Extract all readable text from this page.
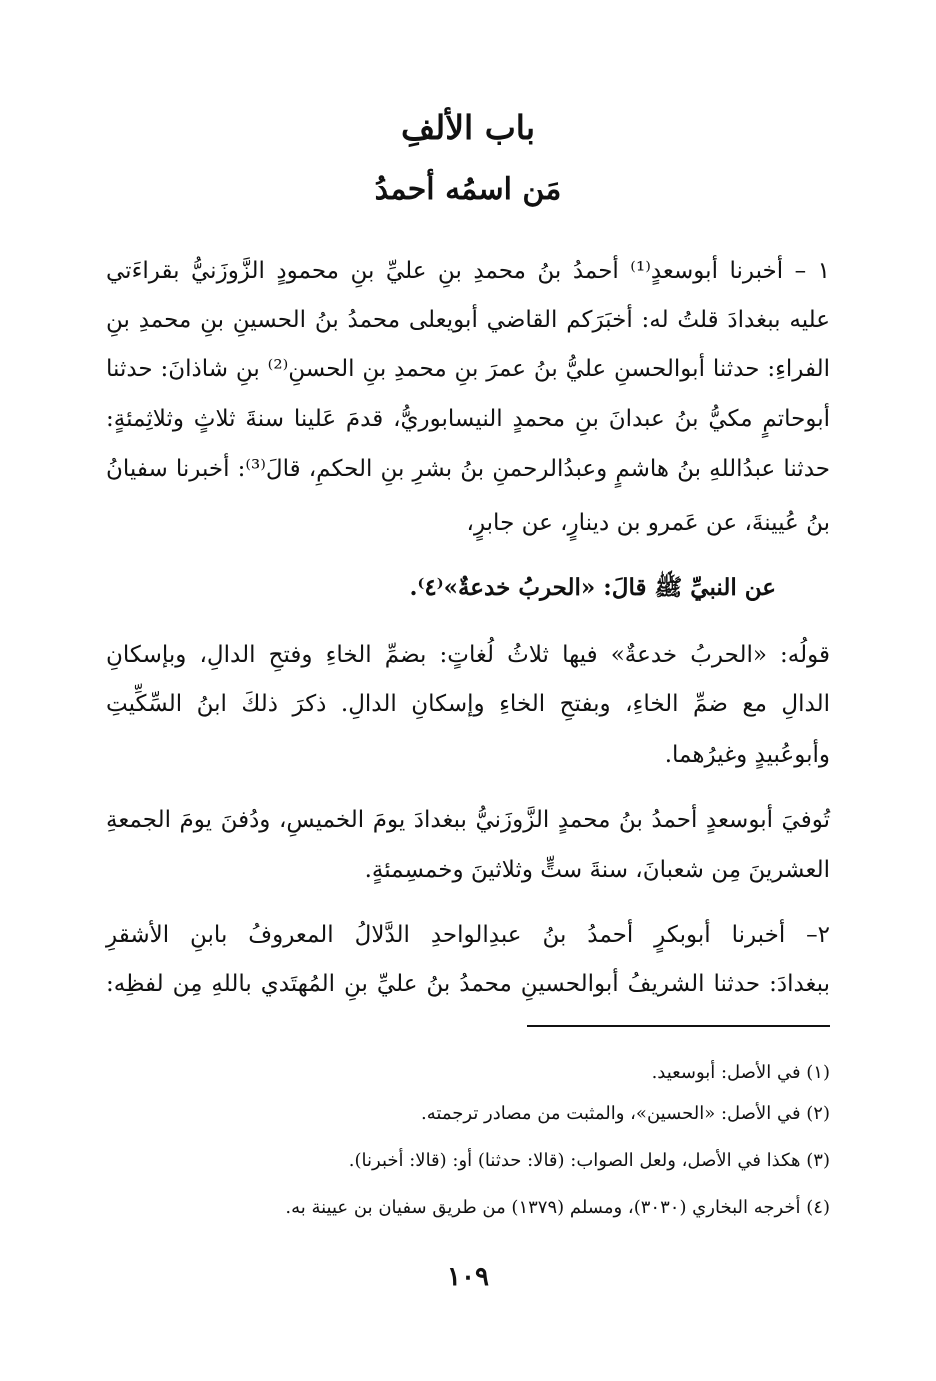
باب الألفِ
مَن اسمُه أحمدُ
١ – أخبرنا أبوسعدٍ⁽¹⁾ أحمدُ بنُ محمدِ بنِ عليِّ بنِ محمودٍ الزَّوزَنيُّ بقراءَتي
عليه ببغدادَ قلتُ له: أخبَرَكم القاضي أبويعلى محمدُ بنُ الحسينِ بنِ محمدِ بنِ
الفراءِ: حدثنا أبوالحسنِ عليُّ بنُ عمرَ بنِ محمدِ بنِ الحسنِ⁽²⁾ بنِ شاذانَ: حدثنا
أبوحاتمٍ مكيُّ بنُ عبدانَ بنِ محمدٍ النيسابوريُّ، قدمَ عَلينا سنةَ ثلاثٍ وثلاثِمئةٍ:
حدثنا عبدُاللهِ بنُ هاشمٍ وعبدُالرحمنِ بنُ بشرِ بنِ الحكمِ، قالَ⁽³⁾: أخبرنا سفيانُ
بنُ عُيينةَ، عن عَمرو بن دينارٍ، عن جابرٍ،
عن النبيِّ ﷺ قالَ: «الحربُ خدعةٌ»⁽٤⁾.
قولُه: «الحربُ خدعةٌ» فيها ثلاثُ لُغاتٍ: بضمِّ الخاءِ وفتحِ الدالِ، وبإسكانِ
الدالِ مع ضمِّ الخاءِ، وبفتحِ الخاءِ وإسكانِ الدالِ. ذكرَ ذلكَ ابنُ السِّكِّيتِ
وأبوعُبيدٍ وغيرُهما.
تُوفيَ أبوسعدٍ أحمدُ بنُ محمدٍ الزَّوزَنيُّ ببغدادَ يومَ الخميسِ، ودُفنَ يومَ الجمعةِ
العشرينَ مِن شعبانَ، سنةَ ستٍّ وثلاثينَ وخمسِمئةٍ.
٢– أخبرنا أبوبكرٍ أحمدُ بنُ عبدِالواحدِ الدَّلالُ المعروفُ بابنِ الأشقرِ
ببغدادَ: حدثنا الشريفُ أبوالحسينِ محمدُ بنُ عليِّ بنِ المُهتَدي باللهِ مِن لفظِه:
(١) في الأصل: أبوسعيد.
(٢) في الأصل: «الحسين»، والمثبت من مصادر ترجمته.
(٣) هكذا في الأصل، ولعل الصواب: (قالا: حدثنا) أو: (قالا: أخبرنا).
(٤) أخرجه البخاري (٣٠٣٠)، ومسلم (١٣٧٩) من طريق سفيان بن عيينة به.
١٠٩
